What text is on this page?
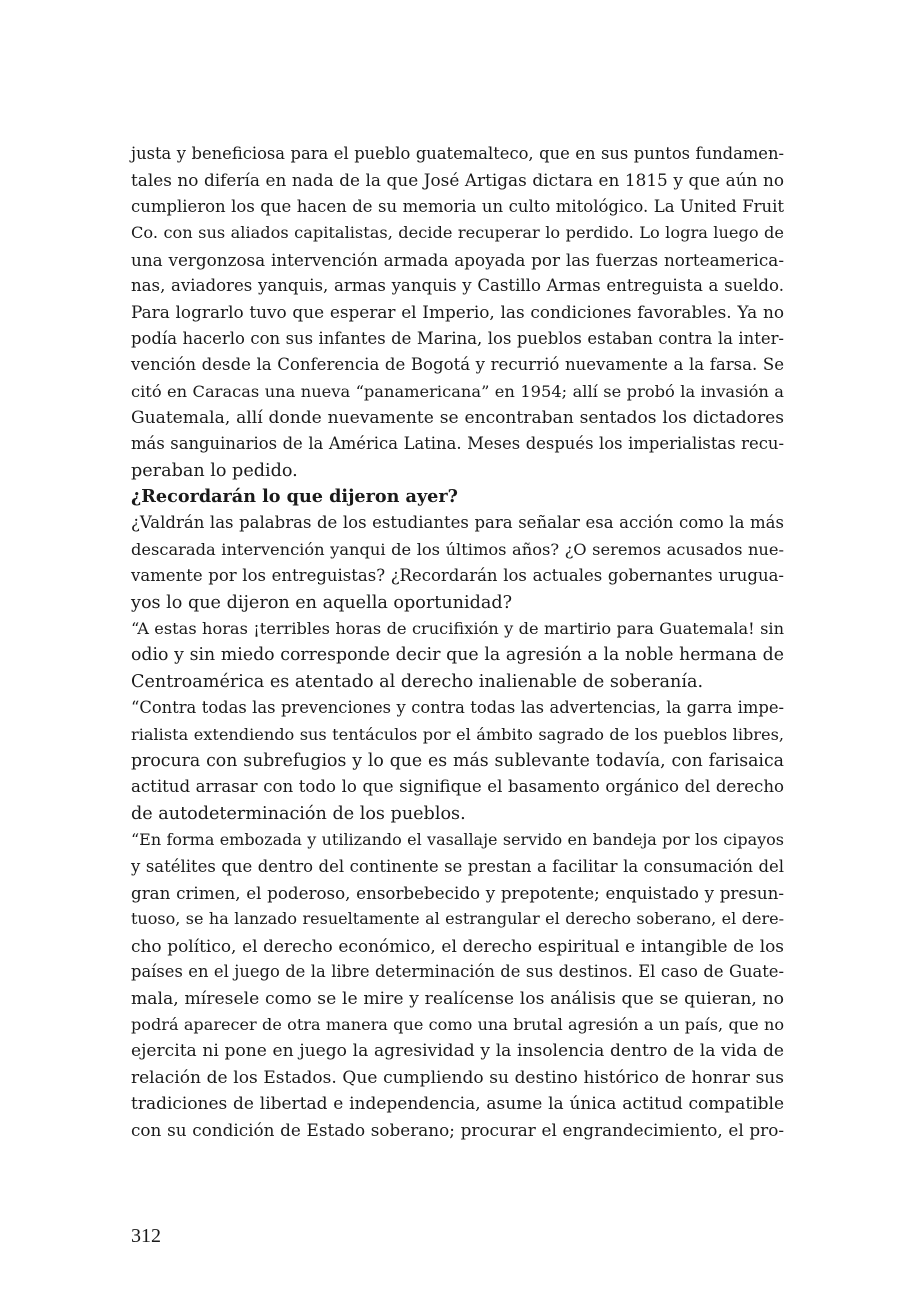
justa y beneficiosa para el pueblo guatemalteco, que en sus puntos fundamen-
tales no difería en nada de la que José Artigas dictara en 1815 y que aún no
cumplieron los que hacen de su memoria un culto mitológico. La United Fruit
Co. con sus aliados capitalistas, decide recuperar lo perdido. Lo logra luego de
una vergonzosa intervención armada apoyada por las fuerzas norteamerica-
nas, aviadores yanquis, armas yanquis y Castillo Armas entreguista a sueldo.
Para lograrlo tuvo que esperar el Imperio, las condiciones favorables. Ya no
podía hacerlo con sus infantes de Marina, los pueblos estaban contra la inter-
vención desde la Conferencia de Bogotá y recurrió nuevamente a la farsa. Se
citó en Caracas una nueva “panamericana” en 1954; allí se probó la invasión a
Guatemala, allí donde nuevamente se encontraban sentados los dictadores
más sanguinarios de la América Latina. Meses después los imperialistas recu-
peraban lo pedido.
¿Recordarán lo que dijeron ayer?
¿Valdrán las palabras de los estudiantes para señalar esa acción como la más
descarada intervención yanqui de los últimos años? ¿O seremos acusados nue-
vamente por los entreguistas? ¿Recordarán los actuales gobernantes urugua-
yos lo que dijeron en aquella oportunidad?
“A estas horas ¡terribles horas de crucifixión y de martirio para Guatemala! sin
odio y sin miedo corresponde decir que la agresión a la noble hermana de
Centroamérica es atentado al derecho inalienable de soberanía.
“Contra todas las prevenciones y contra todas las advertencias, la garra impe-
rialista extendiendo sus tentáculos por el ámbito sagrado de los pueblos libres,
procura con subrefugios y lo que es más sublevante todavía, con farisaica
actitud arrasar con todo lo que signifique el basamento orgánico del derecho
de autodeterminación de los pueblos.
“En forma embozada y utilizando el vasallaje servido en bandeja por los cipayos
y satélites que dentro del continente se prestan a facilitar la consumación del
gran crimen, el poderoso, ensorbebecido y prepotente; enquistado y presun-
tuoso, se ha lanzado resueltamente al estrangular el derecho soberano, el dere-
cho político, el derecho económico, el derecho espiritual e intangible de los
países en el juego de la libre determinación de sus destinos. El caso de Guate-
mala, míresele como se le mire y realícense los análisis que se quieran, no
podrá aparecer de otra manera que como una brutal agresión a un país, que no
ejercita ni pone en juego la agresividad y la insolencia dentro de la vida de
relación de los Estados. Que cumpliendo su destino histórico de honrar sus
tradiciones de libertad e independencia, asume la única actitud compatible
con su condición de Estado soberano; procurar el engrandecimiento, el pro-
312
